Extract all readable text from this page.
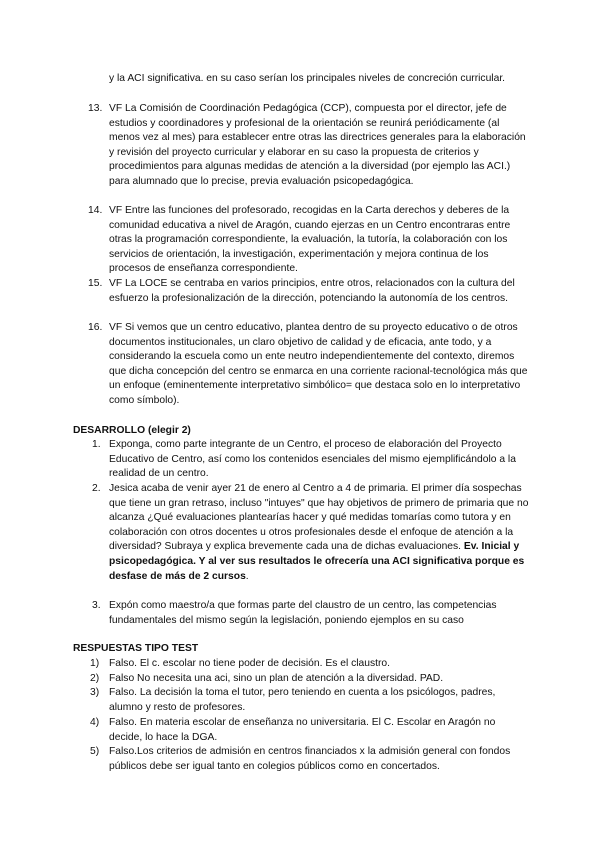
y la ACI significativa. en su caso serían los principales niveles de concreción curricular.

13. VF La Comisión de Coordinación Pedagógica (CCP), compuesta por el director, jefe de estudios y coordinadores y profesional de la orientación se reunirá periódicamente (al menos vez al mes) para establecer entre otras las directrices generales para la elaboración y revisión del proyecto curricular y elaborar en su caso la propuesta de criterios y procedimientos para algunas medidas de atención a la diversidad (por ejemplo las ACI.) para alumnado que lo precise, previa evaluación psicopedagógica.
14. VF Entre las funciones del profesorado, recogidas en la Carta derechos y deberes de la comunidad educativa a nivel de Aragón, cuando ejerzas en un Centro encontraras entre otras la programación correspondiente, la evaluación, la tutoría, la colaboración con los servicios de orientación, la investigación, experimentación y mejora continua de los procesos de enseñanza correspondiente.
15. VF La LOCE se centraba en varios principios, entre otros, relacionados con la cultura del esfuerzo la profesionalización de la dirección, potenciando la autonomía de los centros.
16. VF Si vemos que un centro educativo, plantea dentro de su proyecto educativo o de otros documentos institucionales, un claro objetivo de calidad y de eficacia, ante todo, y a considerando la escuela como un ente neutro independientemente del contexto, diremos que dicha concepción del centro se enmarca en una corriente racional-tecnológica más que un enfoque (eminentemente interpretativo simbólico= que destaca solo en lo interpretativo como símbolo).
DESARROLLO (elegir 2)
1. Exponga, como parte integrante de un Centro, el proceso de elaboración del Proyecto Educativo de Centro, así como los contenidos esenciales del mismo ejemplificándolo a la realidad de un centro.
2. Jesica acaba de venir ayer 21 de enero al Centro a 4 de primaria. El primer día sospechas que tiene un gran retraso, incluso "intuyes" que hay objetivos de primero de primaria que no alcanza ¿Qué evaluaciones plantearías hacer y qué medidas tomarías como tutora y en colaboración con otros docentes u otros profesionales desde el enfoque de atención a la diversidad? Subraya y explica brevemente cada una de dichas evaluaciones. Ev. Inicial y psicopedagógica. Y al ver sus resultados le ofrecería una ACI significativa porque es desfase de más de 2 cursos.
3. Expón como maestro/a que formas parte del claustro de un centro, las competencias fundamentales del mismo según la legislación, poniendo ejemplos en su caso
RESPUESTAS TIPO TEST
1) Falso. El c. escolar no tiene poder de decisión. Es el claustro.
2) Falso No necesita una aci, sino un plan de atención a la diversidad. PAD.
3) Falso. La decisión la toma el tutor, pero teniendo en cuenta a los psicólogos, padres, alumno y resto de profesores.
4) Falso. En materia escolar de enseñanza no universitaria. El C. Escolar en Aragón no decide, lo hace la DGA.
5) Falso.Los criterios de admisión en centros financiados x la admisión general con fondos públicos debe ser igual tanto en colegios públicos como en concertados.
